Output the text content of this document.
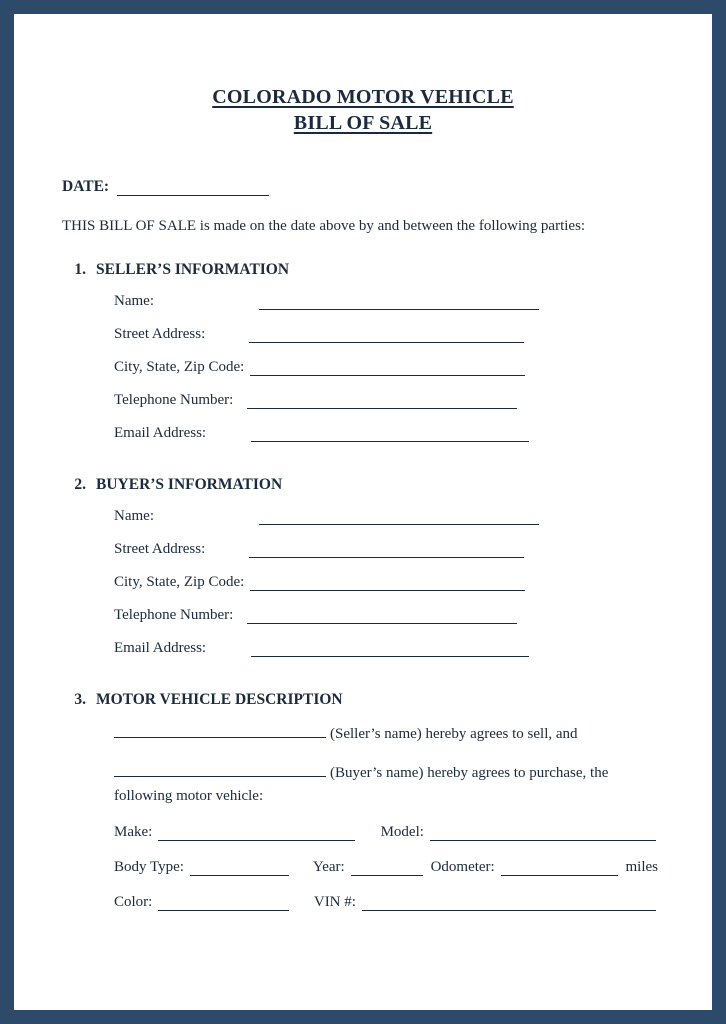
COLORADO MOTOR VEHICLE
BILL OF SALE
DATE:
THIS BILL OF SALE is made on the date above by and between the following parties:
1. SELLER’S INFORMATION
Name:
Street Address:
City, State, Zip Code:
Telephone Number:
Email Address:
2. BUYER’S INFORMATION
Name:
Street Address:
City, State, Zip Code:
Telephone Number:
Email Address:
3. MOTOR VEHICLE DESCRIPTION
(Seller’s name) hereby agrees to sell, and
(Buyer’s name) hereby agrees to purchase, the following motor vehicle:
Make:	Model:
Body Type:	Year:	Odometer:	miles
Color:	VIN #:
